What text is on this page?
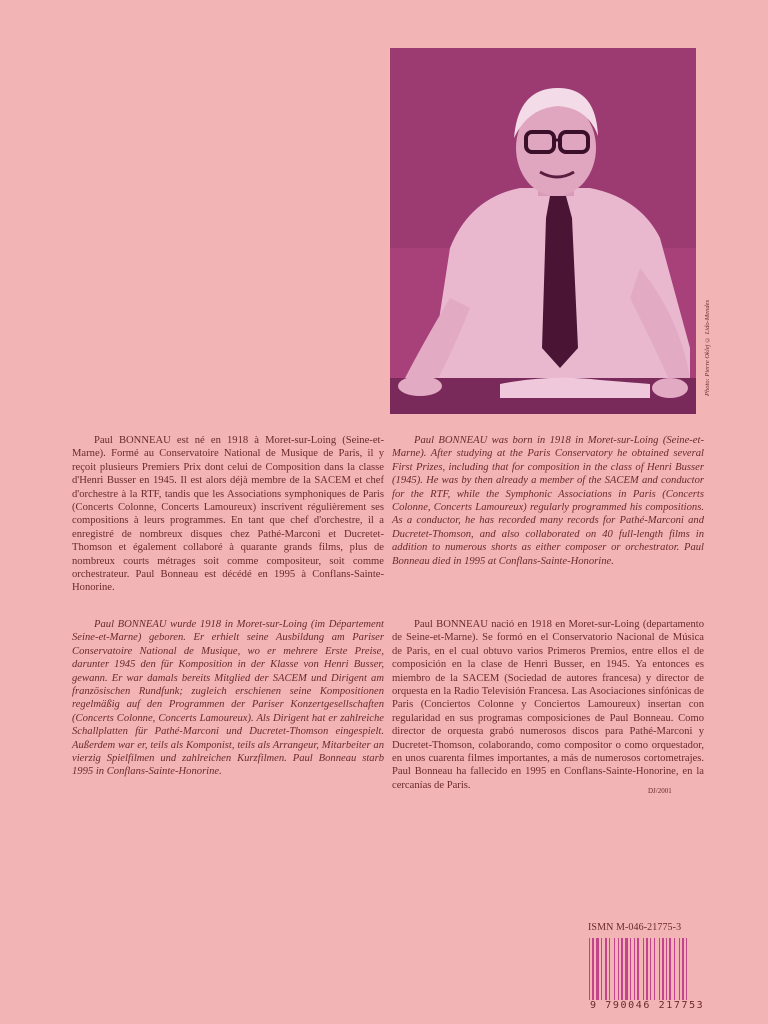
Photo: Pierre Oklej © Lido-Mendes

Paul BONNEAU est né en 1918 à Moret-sur-Loing (Seine-et-Marne). Formé au Conservatoire National de Musique de Paris, il y reçoit plusieurs Premiers Prix dont celui de Composition dans la classe d'Henri Busser en 1945. Il est alors déjà membre de la SACEM et chef d'orchestre à la RTF, tandis que les Associations symphoniques de Paris (Concerts Colonne, Concerts Lamoureux) inscrivent régulièrement ses compositions à leurs programmes. En tant que chef d'orchestre, il a enregistré de nombreux disques chez Pathé-Marconi et Ducretet-Thomson et également collaboré à quarante grands films, plus de nombreux courts métrages soit comme compositeur, soit comme orchestrateur. Paul Bonneau est décédé en 1995 à Conflans-Sainte-Honorine.

Paul BONNEAU wurde 1918 in Moret-sur-Loing (im Département Seine-et-Marne) geboren. Er erhielt seine Ausbildung am Pariser Conservatoire National de Musique, wo er mehrere Erste Preise, darunter 1945 den für Komposition in der Klasse von Henri Busser, gewann. Er war damals bereits Mitglied der SACEM und Dirigent am französischen Rundfunk; zugleich erschienen seine Kompositionen regelmäßig auf den Programmen der Pariser Konzertgesellschaften (Concerts Colonne, Concerts Lamoureux). Als Dirigent hat er zahlreiche Schallplatten für Pathé-Marconi und Ducretet-Thomson eingespielt. Außerdem war er, teils als Komponist, teils als Arrangeur, Mitarbeiter an vierzig Spielfilmen und zahlreichen Kurzfilmen. Paul Bonneau starb 1995 in Conflans-Sainte-Honorine.

Paul BONNEAU was born in 1918 in Moret-sur-Loing (Seine-et-Marne). After studying at the Paris Conservatory he obtained several First Prizes, including that for composition in the class of Henri Busser (1945). He was by then already a member of the SACEM and conductor for the RTF, while the Symphonic Associations in Paris (Concerts Colonne, Concerts Lamoureux) regularly programmed his compositions. As a conductor, he has recorded many records for Pathé-Marconi and Ducretet-Thomson, and also collaborated on 40 full-length films in addition to numerous shorts as either composer or orchestrator. Paul Bonneau died in 1995 at Conflans-Sainte-Honorine.

Paul BONNEAU nació en 1918 en Moret-sur-Loing (departamento de Seine-et-Marne). Se formó en el Conservatorio Nacional de Música de Paris, en el cual obtuvo varios Primeros Premios, entre ellos el de composición en la clase de Henri Busser, en 1945. Ya entonces es miembro de la SACEM (Sociedad de autores francesa) y director de orquesta en la Radio Televisión Francesa. Las Asociaciones sinfónicas de Paris (Conciertos Colonne y Conciertos Lamoureux) insertan con regularidad en sus programas composiciones de Paul Bonneau. Como director de orquesta grabó numerosos discos para Pathé-Marconi y Ducretet-Thomson, colaborando, como compositor o como orquestador, en unos cuarenta filmes importantes, a más de numerosos cortometrajes. Paul Bonneau ha fallecido en 1995 en Conflans-Sainte-Honorine, en la cercanías de Paris.

DJ/2001
ISMN M-046-21775-3
9 790046 217753
